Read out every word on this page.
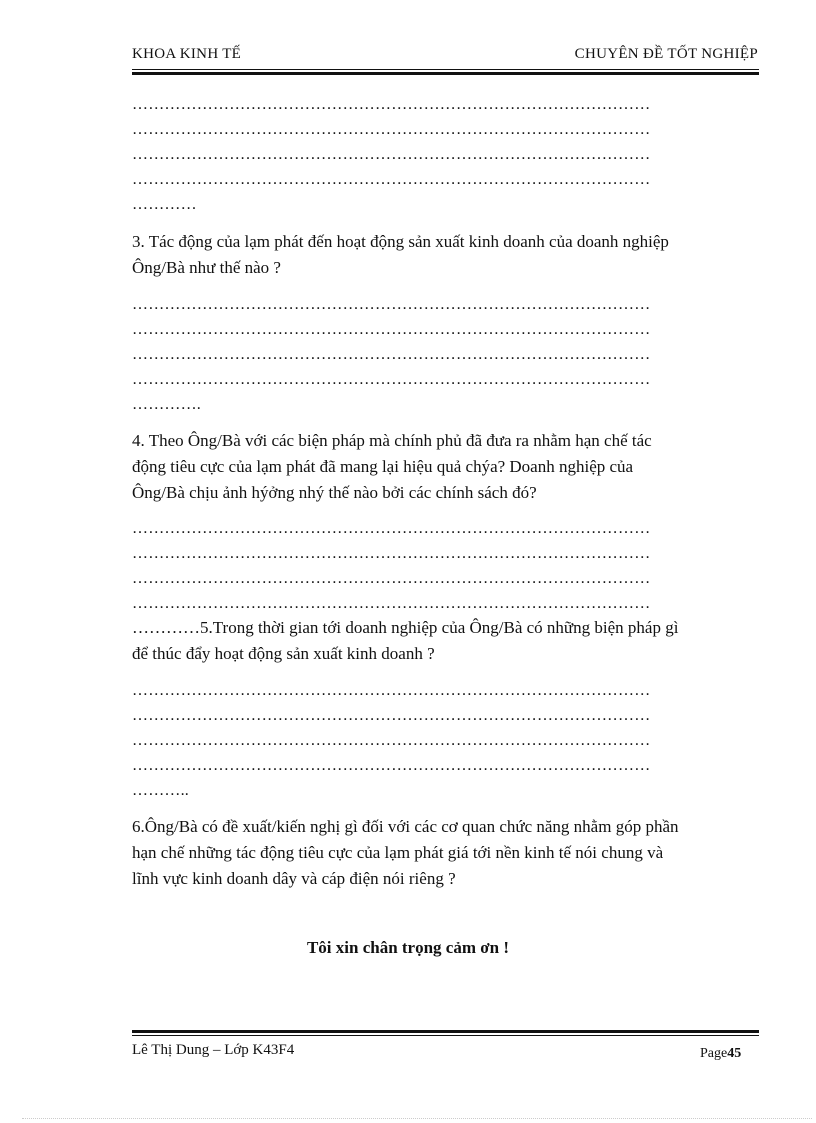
KHOA KINH TẾ	CHUYÊN ĐỀ TỐT NGHIỆP
……………………………………………………………………………………
……………………………………………………………………………………
……………………………………………………………………………………
……………………………………………………………………………………
…………
3. Tác động của lạm phát đến hoạt động sản xuất kinh doanh của doanh nghiệp
Ông/Bà như thế nào ?
……………………………………………………………………………………
……………………………………………………………………………………
……………………………………………………………………………………
……………………………………………………………………………………
………….
4. Theo Ông/Bà với các biện pháp mà chính phủ đã đưa ra nhằm hạn chế tác
động tiêu cực của lạm phát đã mang lại hiệu quả chýa? Doanh nghiệp của
Ông/Bà chịu ảnh hýởng nhý thế nào bởi các chính sách đó?
……………………………………………………………………………………
……………………………………………………………………………………
……………………………………………………………………………………
……………………………………………………………………………………
…………5.Trong thời gian tới doanh nghiệp của Ông/Bà có những biện pháp gì
để thúc đẩy hoạt động sản xuất kinh doanh ?
……………………………………………………………………………………
……………………………………………………………………………………
……………………………………………………………………………………
……………………………………………………………………………………
………..
6.Ông/Bà có đề xuất/kiến nghị gì đối với các cơ quan chức năng nhằm góp phần
hạn chế những tác động tiêu cực của lạm phát giá tới nền kinh tế nói chung và
lĩnh vực kinh doanh dây và cáp điện nói riêng ?
Tôi xin chân trọng cảm ơn !
Lê Thị Dung – Lớp K43F4	Page45
